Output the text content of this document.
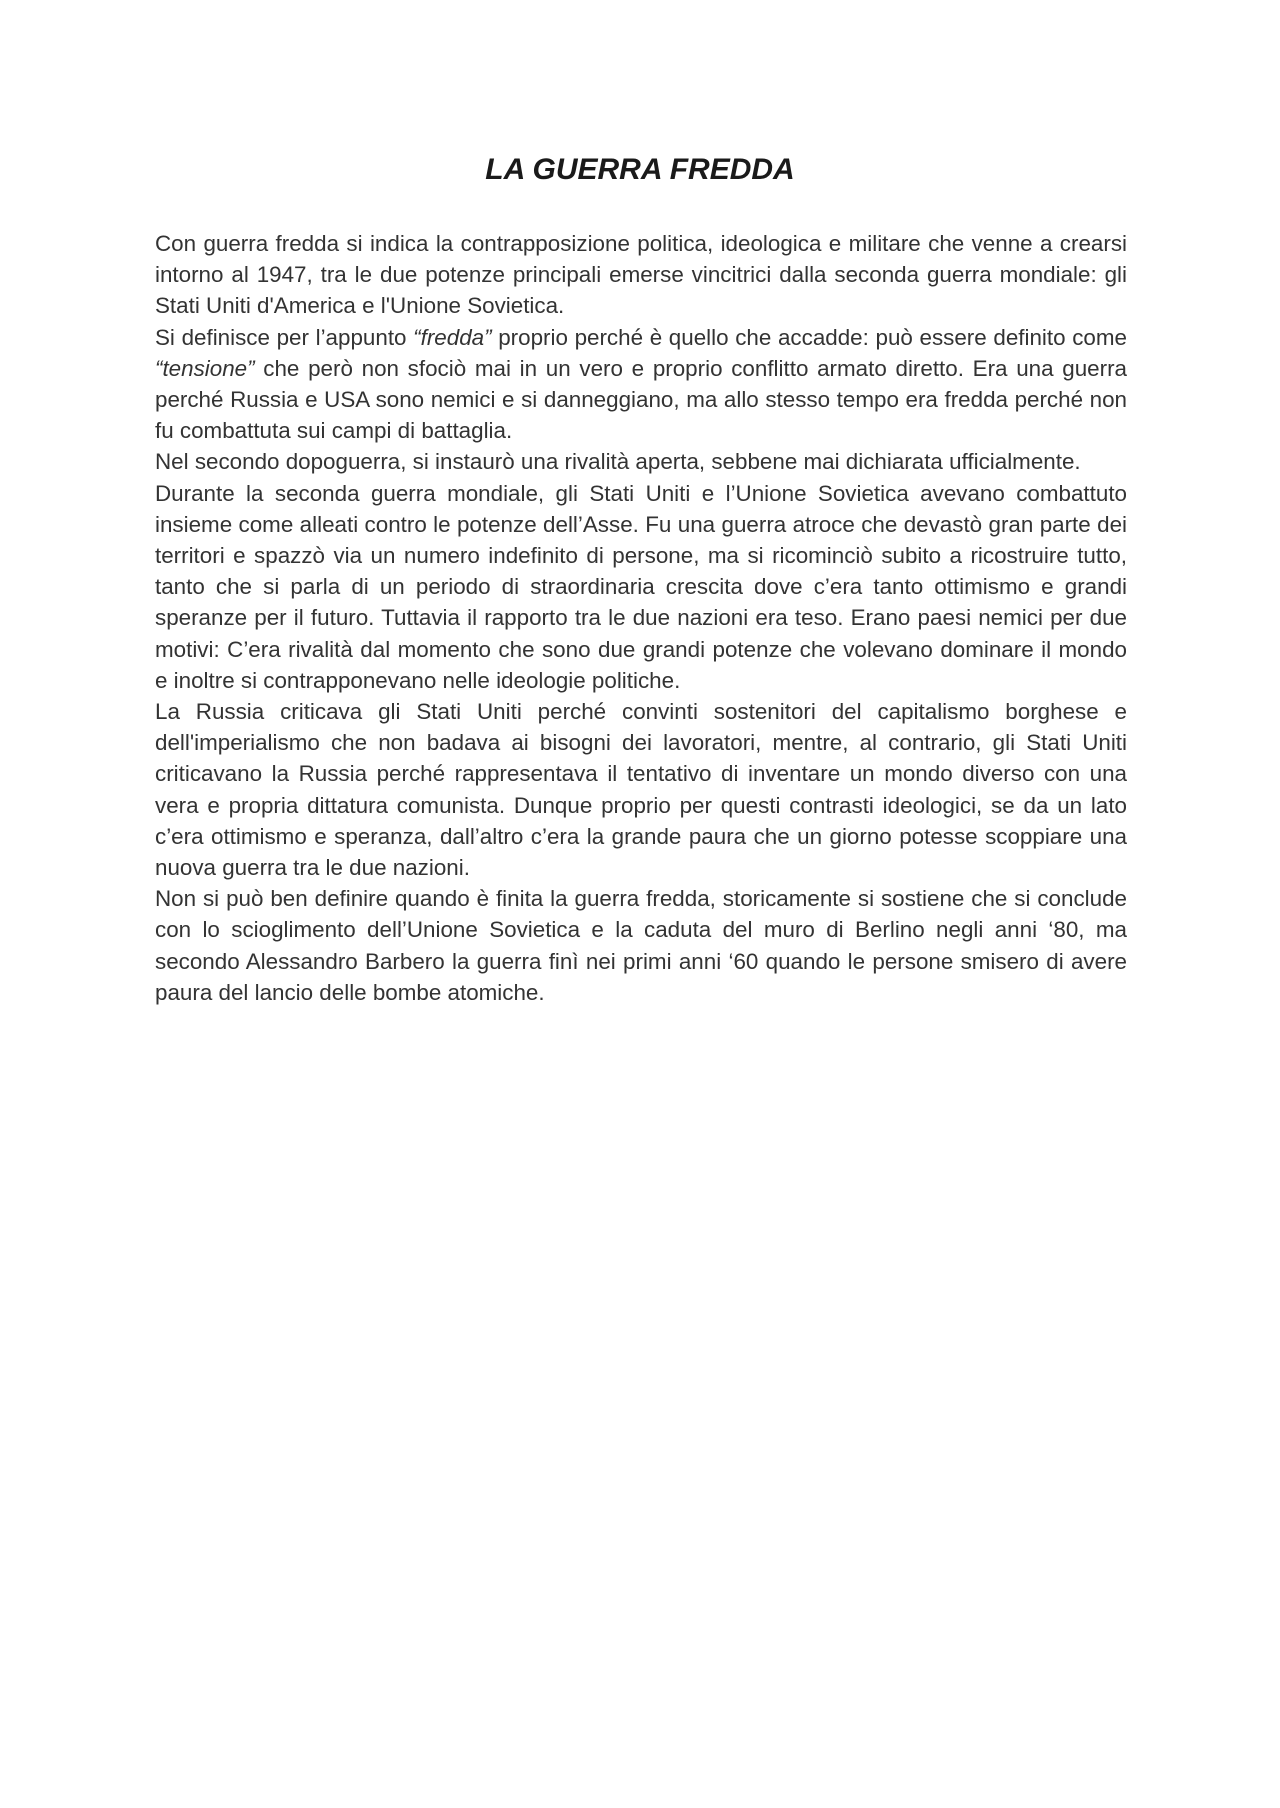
LA GUERRA FREDDA

Con guerra fredda si indica la contrapposizione politica, ideologica e militare che venne a crearsi intorno al 1947, tra le due potenze principali emerse vincitrici dalla seconda guerra mondiale: gli Stati Uniti d'America e l'Unione Sovietica.

Si definisce per l’appunto “fredda” proprio perché è quello che accadde: può essere definito come “tensione” che però non sfociò mai in un vero e proprio conflitto armato diretto. Era una guerra perché Russia e USA sono nemici e si danneggiano, ma allo stesso tempo era fredda perché non fu combattuta sui campi di battaglia.

Nel secondo dopoguerra, si instaurò una rivalità aperta, sebbene mai dichiarata ufficialmente.

Durante la seconda guerra mondiale, gli Stati Uniti e l’Unione Sovietica avevano combattuto insieme come alleati contro le potenze dell’Asse. Fu una guerra atroce che devastò gran parte dei territori e spazzò via un numero indefinito di persone, ma si ricominciò subito a ricostruire tutto, tanto che si parla di un periodo di straordinaria crescita dove c’era tanto ottimismo e grandi speranze per il futuro. Tuttavia il rapporto tra le due nazioni era teso. Erano paesi nemici per due motivi: C’era rivalità dal momento che sono due grandi potenze che volevano dominare il mondo e inoltre si contrapponevano nelle ideologie politiche.

La Russia criticava gli Stati Uniti perché convinti sostenitori del capitalismo borghese e dell'imperialismo che non badava ai bisogni dei lavoratori, mentre, al contrario, gli Stati Uniti criticavano la Russia perché rappresentava il tentativo di inventare un mondo diverso con una vera e propria dittatura comunista. Dunque proprio per questi contrasti ideologici, se da un lato c’era ottimismo e speranza, dall’altro c’era la grande paura che un giorno potesse scoppiare una nuova guerra tra le due nazioni.

Non si può ben definire quando è finita la guerra fredda, storicamente si sostiene che si conclude con lo scioglimento dell’Unione Sovietica e la caduta del muro di Berlino negli anni ‘80, ma secondo Alessandro Barbero la guerra finì nei primi anni ‘60 quando le persone smisero di avere paura del lancio delle bombe atomiche.
